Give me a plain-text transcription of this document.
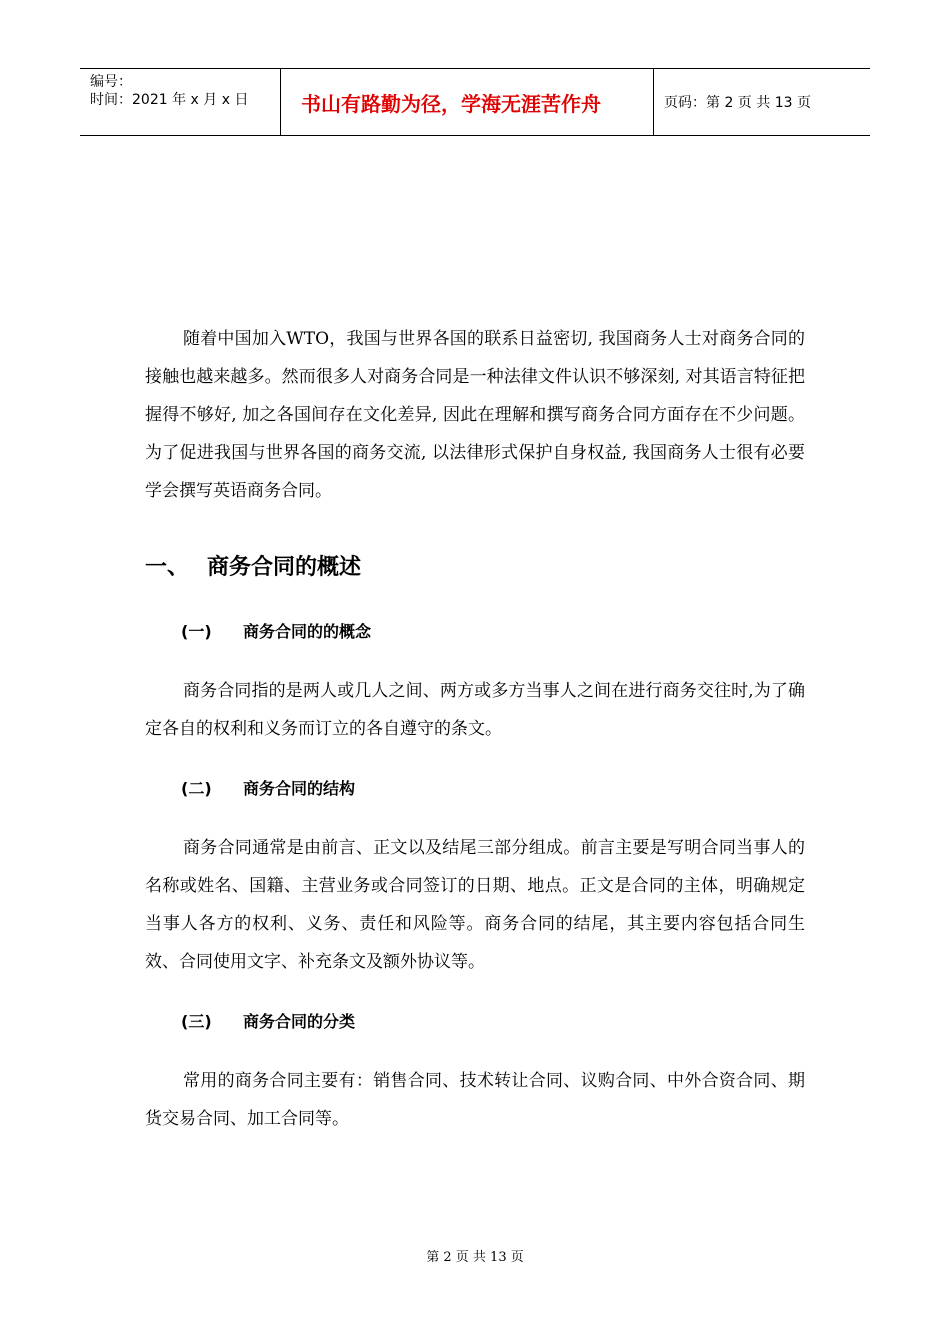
编号：
时间：2021 年 x 月 x 日	书山有路勤为径，学海无涯苦作舟	页码：第 2 页 共 13 页

随着中国加入WTO，我国与世界各国的联系日益密切, 我国商务人士对商务合同的接触也越来越多。然而很多人对商务合同是一种法律文件认识不够深刻, 对其语言特征把握得不够好, 加之各国间存在文化差异, 因此在理解和撰写商务合同方面存在不少问题。为了促进我国与世界各国的商务交流, 以法律形式保护自身权益, 我国商务人士很有必要学会撰写英语商务合同。

一、 商务合同的概述
(一)	商务合同的的概念

商务合同指的是两人或几人之间、两方或多方当事人之间在进行商务交往时,为了确定各自的权利和义务而订立的各自遵守的条文。

(二)	商务合同的结构

商务合同通常是由前言、正文以及结尾三部分组成。前言主要是写明合同当事人的名称或姓名、国籍、主营业务或合同签订的日期、地点。正文是合同的主体，明确规定当事人各方的权利、义务、责任和风险等。商务合同的结尾，其主要内容包括合同生效、合同使用文字、补充条文及额外协议等。

(三)	商务合同的分类

常用的商务合同主要有：销售合同、技术转让合同、议购合同、中外合资合同、期货交易合同、加工合同等。

第 2 页 共 13 页
